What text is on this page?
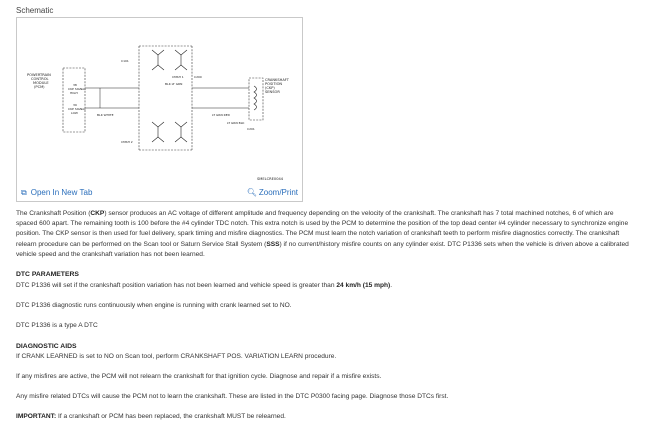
Schematic
POWERTRAIN
CONTROL
MODULE
(PCM)	38
CKP SIGNAL
HIGH
39
CKP SIGNAL
LOW	BLK WHITE
C101
CMSH 1
CMSH 2
BLK LT GRN
LT GRN RED
C200
CRANKSHAFT
POSITION
(CKP)
SENSOR
LT GRN BLK
C201
SMELCRE0044
⧉ Open In New Tab	🔍︎ Zoom/Print
The Crankshaft Position (CKP) sensor produces an AC voltage of different amplitude and frequency depending on the velocity of the crankshaft. The crankshaft has 7 total machined notches, 6 of which are spaced 600 apart. The remaining tooth is 100 before the #4 cylinder TDC notch. This extra notch is used by the PCM to determine the position of the top dead center #4 cylinder necessary to synchronize engine position. The CKP sensor is then used for fuel delivery, spark timing and misfire diagnostics. The PCM must learn the notch variation of crankshaft teeth to perform misfire diagnostics correctly. The crankshaft relearn procedure can be performed on the Scan tool or Saturn Service Stall System (SSS) if no current/history misfire counts on any cylinder exist. DTC P1336 sets when the vehicle is driven above a calibrated vehicle speed and the crankshaft variation has not been learned.
DTC PARAMETERS
DTC P1336 will set if the crankshaft position variation has not been learned and vehicle speed is greater than 24 km/h (15 mph).
DTC P1336 diagnostic runs continuously when engine is running with crank learned set to NO.
DTC P1336 is a type A DTC
DIAGNOSTIC AIDS
If CRANK LEARNED is set to NO on Scan tool, perform CRANKSHAFT POS. VARIATION LEARN procedure.
If any misfires are active, the PCM will not relearn the crankshaft for that ignition cycle. Diagnose and repair if a misfire exists.
Any misfire related DTCs will cause the PCM not to learn the crankshaft. These are listed in the DTC P0300 facing page. Diagnose those DTCs first.
IMPORTANT: If a crankshaft or PCM has been replaced, the crankshaft MUST be relearned.
